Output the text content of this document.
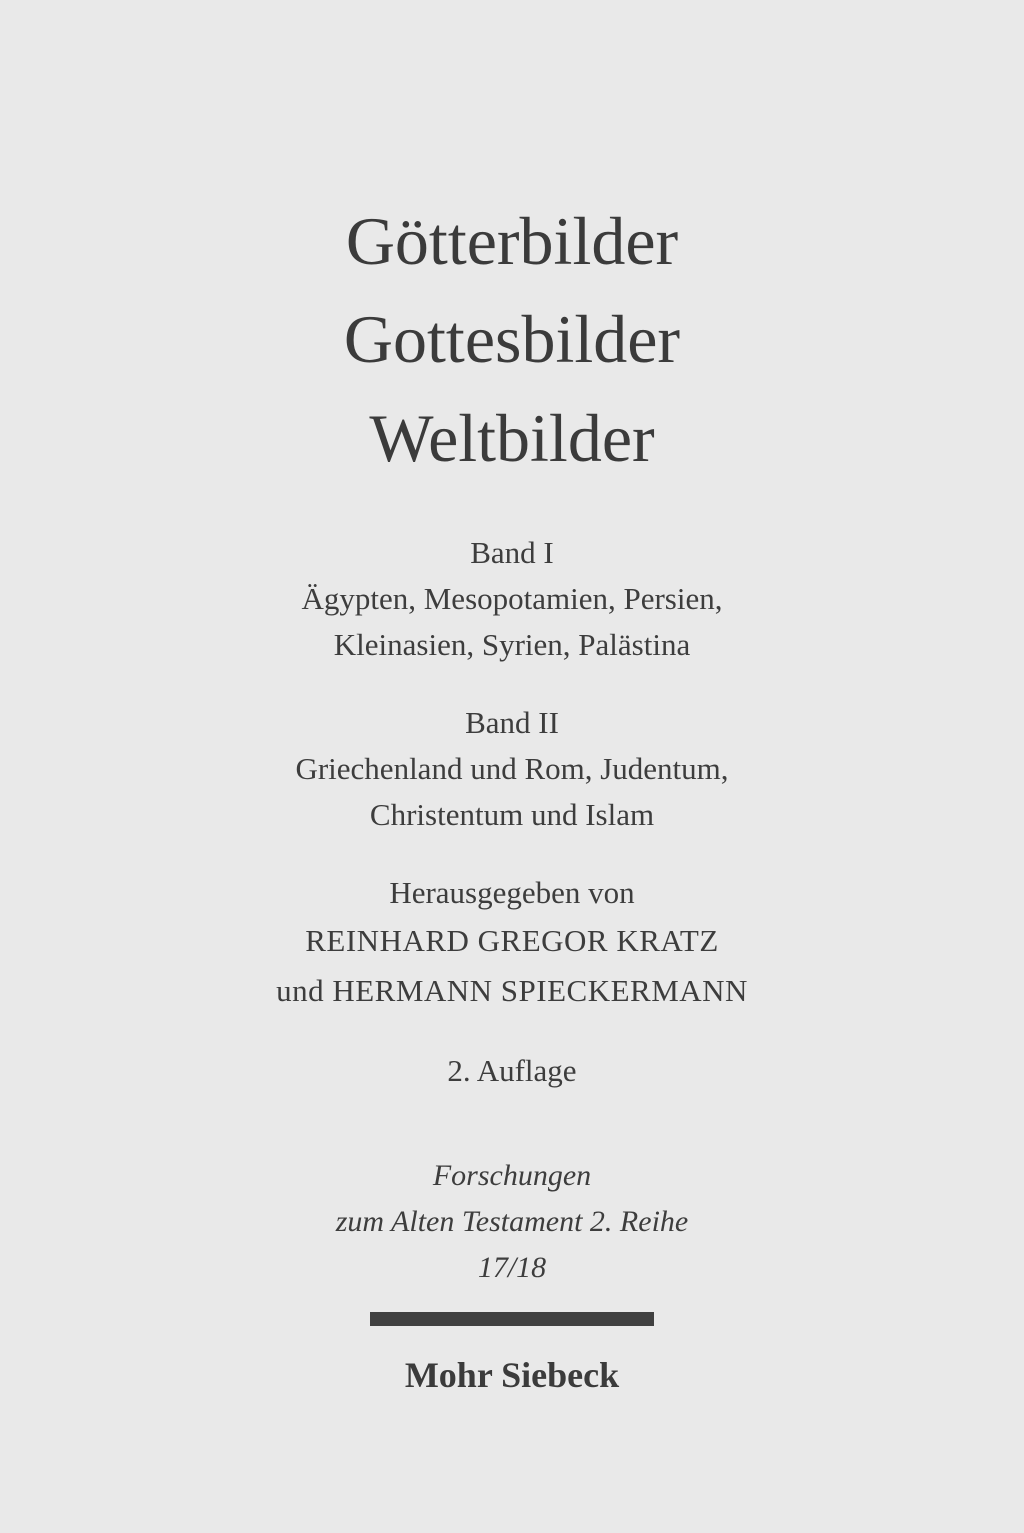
Götterbilder
Gottesbilder
Weltbilder
Band I
Ägypten, Mesopotamien, Persien,
Kleinasien, Syrien, Palästina
Band II
Griechenland und Rom, Judentum,
Christentum und Islam
Herausgegeben von
REINHARD GREGOR KRATZ
und HERMANN SPIECKERMANN
2. Auflage
Forschungen
zum Alten Testament 2. Reihe
17/18
Mohr Siebeck
